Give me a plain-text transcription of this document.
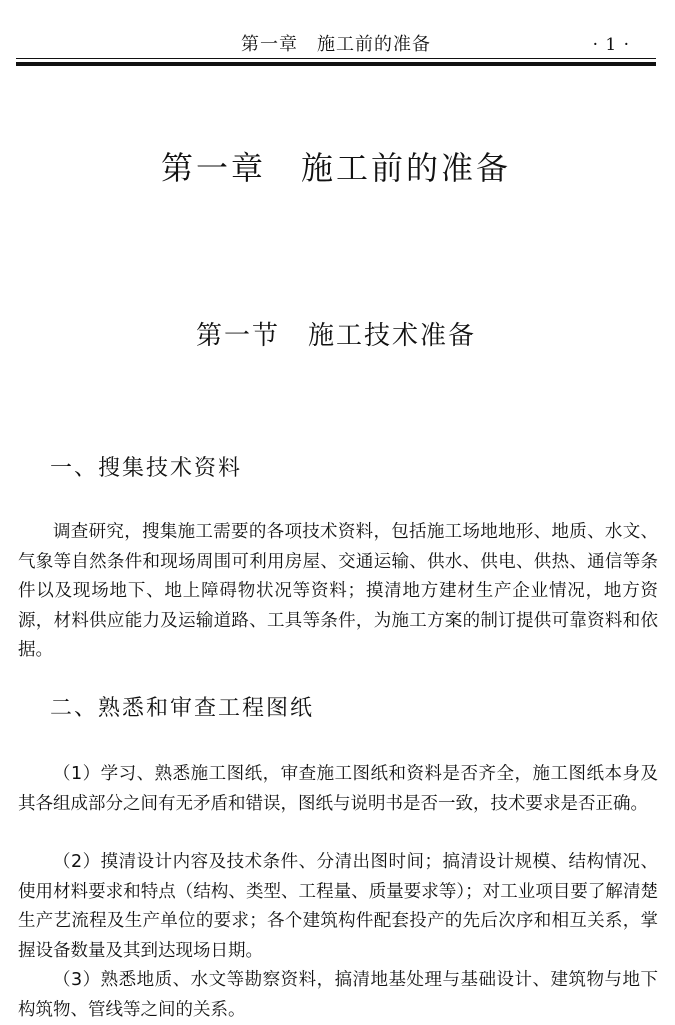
第一章　施工前的准备	· 1 ·
第一章　施工前的准备
第一节　施工技术准备
一、搜集技术资料

调查研究，搜集施工需要的各项技术资料，包括施工场地地形、地质、水文、气象等自然条件和现场周围可利用房屋、交通运输、供水、供电、供热、通信等条件以及现场地下、地上障碍物状况等资料；摸清地方建材生产企业情况，地方资源，材料供应能力及运输道路、工具等条件，为施工方案的制订提供可靠资料和依据。

二、熟悉和审查工程图纸

（1）学习、熟悉施工图纸，审查施工图纸和资料是否齐全，施工图纸本身及其各组成部分之间有无矛盾和错误，图纸与说明书是否一致，技术要求是否正确。

（2）摸清设计内容及技术条件、分清出图时间；搞清设计规模、结构情况、使用材料要求和特点（结构、类型、工程量、质量要求等）；对工业项目要了解清楚生产艺流程及生产单位的要求；各个建筑构件配套投产的先后次序和相互关系，掌握设备数量及其到达现场日期。

（3）熟悉地质、水文等勘察资料，搞清地基处理与基础设计、建筑物与地下构筑物、管线等之间的关系。
